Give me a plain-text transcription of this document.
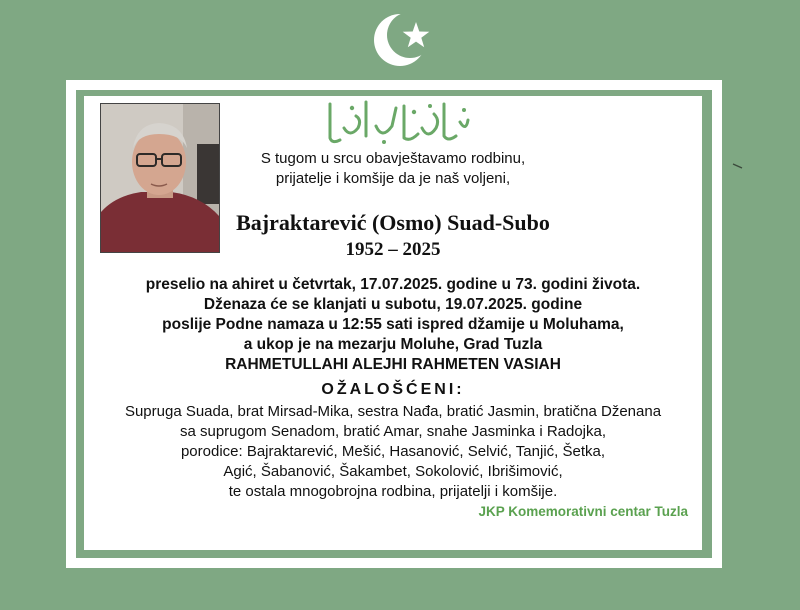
S tugom u srcu obavještavamo rodbinu,
prijatelje i komšije da je naš voljeni,
Bajraktarević (Osmo) Suad-Subo
1952 – 2025
preselio na ahiret u četvrtak, 17.07.2025. godine u 73. godini života.
Dženaza će se klanjati u subotu, 19.07.2025. godine
poslije Podne namaza u 12:55 sati ispred džamije u Moluhama,
a ukop je na mezarju Moluhe, Grad Tuzla
RAHMETULLAHI ALEJHI RAHMETEN VASIAH
OŽALOŠĆENI:
Supruga Suada, brat Mirsad-Mika, sestra Nađa, bratić Jasmin, bratična Dženana
sa suprugom Senadom, bratić Amar, snahe Jasminka i Radojka,
porodice: Bajraktarević, Mešić, Hasanović, Selvić, Tanjić, Šetka,
Agić, Šabanović, Šakambet, Sokolović, Ibrišimović,
te ostala mnogobrojna rodbina, prijatelji i komšije.
JKP Komemorativni centar Tuzla
